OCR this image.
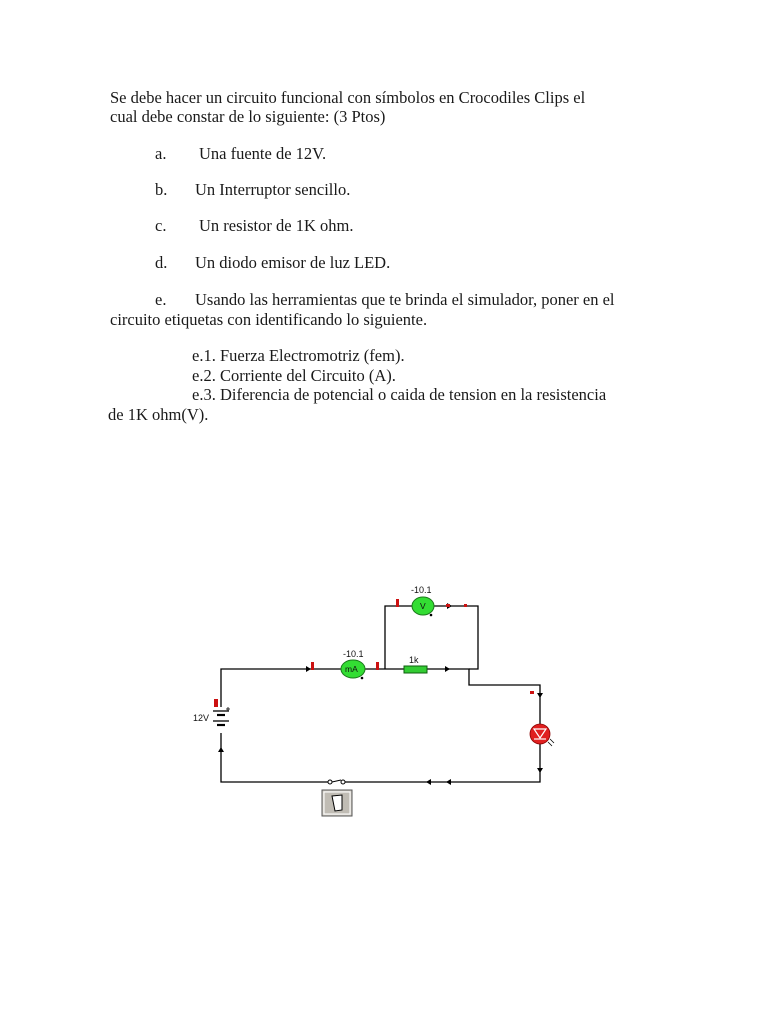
Se debe hacer un circuito funcional con símbolos en Crocodiles Clips el
cual debe constar de lo siguiente: (3 Ptos)
a. Una fuente de 12V.
b. Un Interruptor sencillo.
c. Un resistor de 1K ohm.
d. Un diodo emisor de luz LED.
e. Usando las herramientas que te brinda el simulador, poner en el
circuito etiquetas con identificando lo siguiente.
e.1. Fuerza Electromotriz (fem).
e.2. Corriente del Circuito (A).
e.3. Diferencia de potencial o caida de tension en la resistencia
de 1K ohm(V).
12V
-10.1
mA
-10.1
V
1k
